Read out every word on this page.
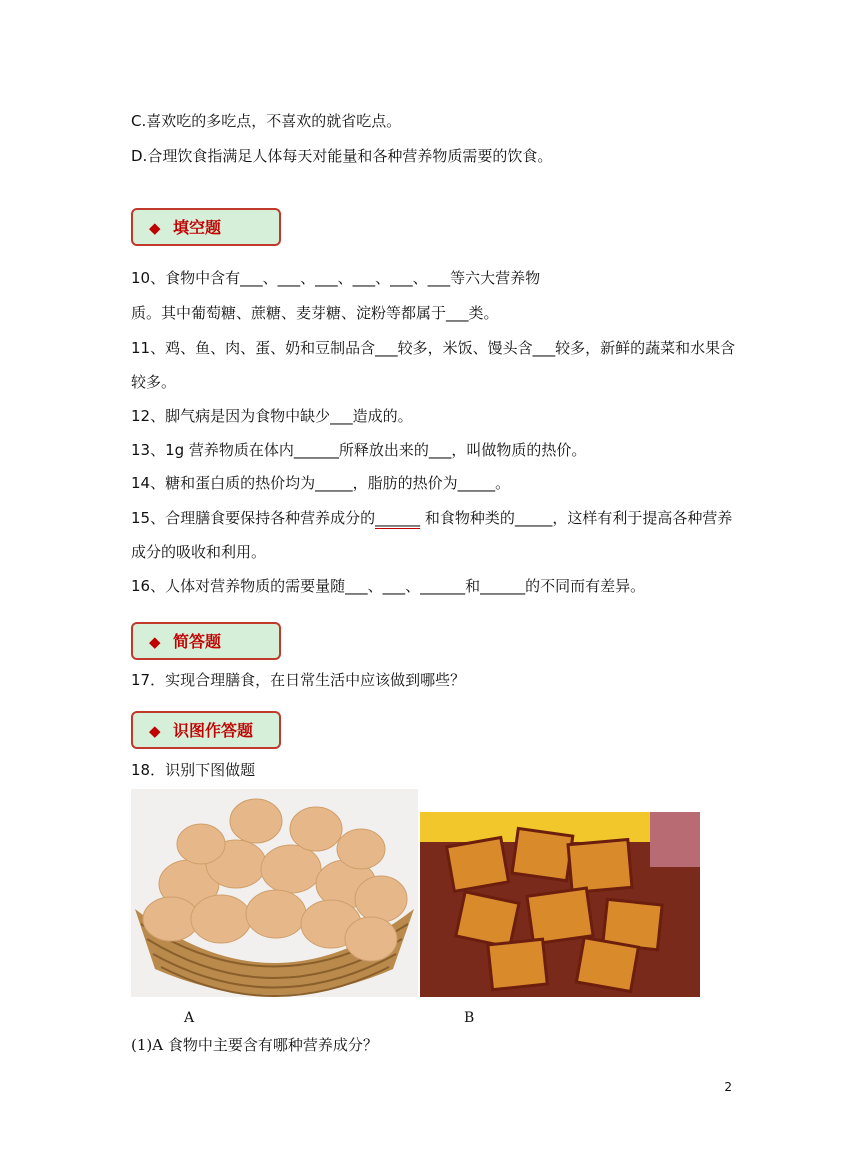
C.喜欢吃的多吃点，不喜欢的就省吃点。
D.合理饮食指满足人体每天对能量和各种营养物质需要的饮食。
◆ 填空题
10、食物中含有___、___、___、___、___、___等六大营养物
质。其中葡萄糖、蔗糖、麦芽糖、淀粉等都属于___类。
11、鸡、鱼、肉、蛋、奶和豆制品含___较多，米饭、馒头含___较多，新鲜的蔬菜和水果含
较多。
12、脚气病是因为食物中缺少___造成的。
13、1g 营养物质在体内______所释放出来的___，叫做物质的热价。
14、糖和蛋白质的热价均为_____，脂肪的热价为_____。
15、合理膳食要保持各种营养成分的______ 和食物种类的_____，这样有利于提高各种营养
成分的吸收和利用。
16、人体对营养物质的需要量随___、___、______和______的不同而有差异。
◆ 简答题
17．实现合理膳食，在日常生活中应该做到哪些？
◆ 识图作答题
18．识别下图做题
A	B
(1)A 食物中主要含有哪种营养成分？
2
